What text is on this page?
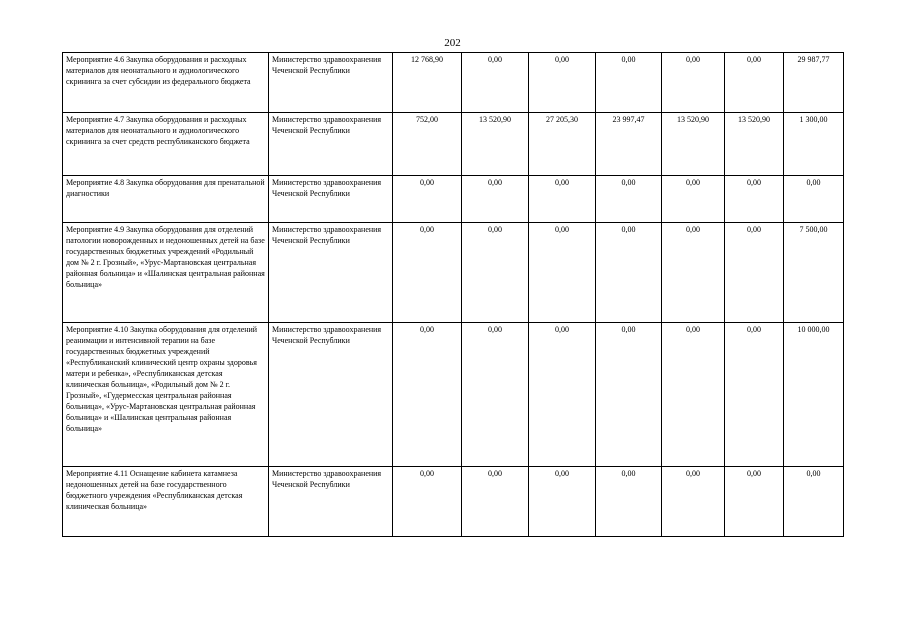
202
Мероприятие 4.6 Закупка оборудования и расходных материалов для неонатального и аудиологического скрининга за счет субсидии из федерального бюджета	Министерство здравоохранения Чеченской Республики	12 768,90	0,00	0,00	0,00	0,00	0,00	29 987,77
Мероприятие 4.7 Закупка оборудования и расходных материалов для неонатального и аудиологического скрининга за счет средств республиканского бюджета	Министерство здравоохранения Чеченской Республики	752,00	13 520,90	27 205,30	23 997,47	13 520,90	13 520,90	1 300,00
Мероприятие 4.8 Закупка оборудования для пренатальной диагностики	Министерство здравоохранения Чеченской Республики	0,00	0,00	0,00	0,00	0,00	0,00	0,00
Мероприятие 4.9 Закупка оборудования для отделений патологии новорожденных и недоношенных детей на базе государственных бюджетных учреждений «Родильный дом № 2 г. Грозный», «Урус-Мартановская центральная районная больница» и «Шалинская центральная районная больница»	Министерство здравоохранения Чеченской Республики	0,00	0,00	0,00	0,00	0,00	0,00	7 500,00
Мероприятие 4.10 Закупка оборудования для отделений реанимации и интенсивной терапии на базе государственных бюджетных учреждений «Республиканский клинический центр охраны здоровья матери и ребенка», «Республиканская детская клиническая больница», «Родильный дом № 2 г. Грозный», «Гудермесская центральная районная больница», «Урус-Мартановская центральная районная больница» и «Шалинская центральная районная больница»	Министерство здравоохранения Чеченской Республики	0,00	0,00	0,00	0,00	0,00	0,00	10 000,00
Мероприятие 4.11 Оснащение кабинета катамнеза недоношенных детей на базе государственного бюджетного учреждения «Республиканская детская клиническая больница»	Министерство здравоохранения Чеченской Республики	0,00	0,00	0,00	0,00	0,00	0,00	0,00
